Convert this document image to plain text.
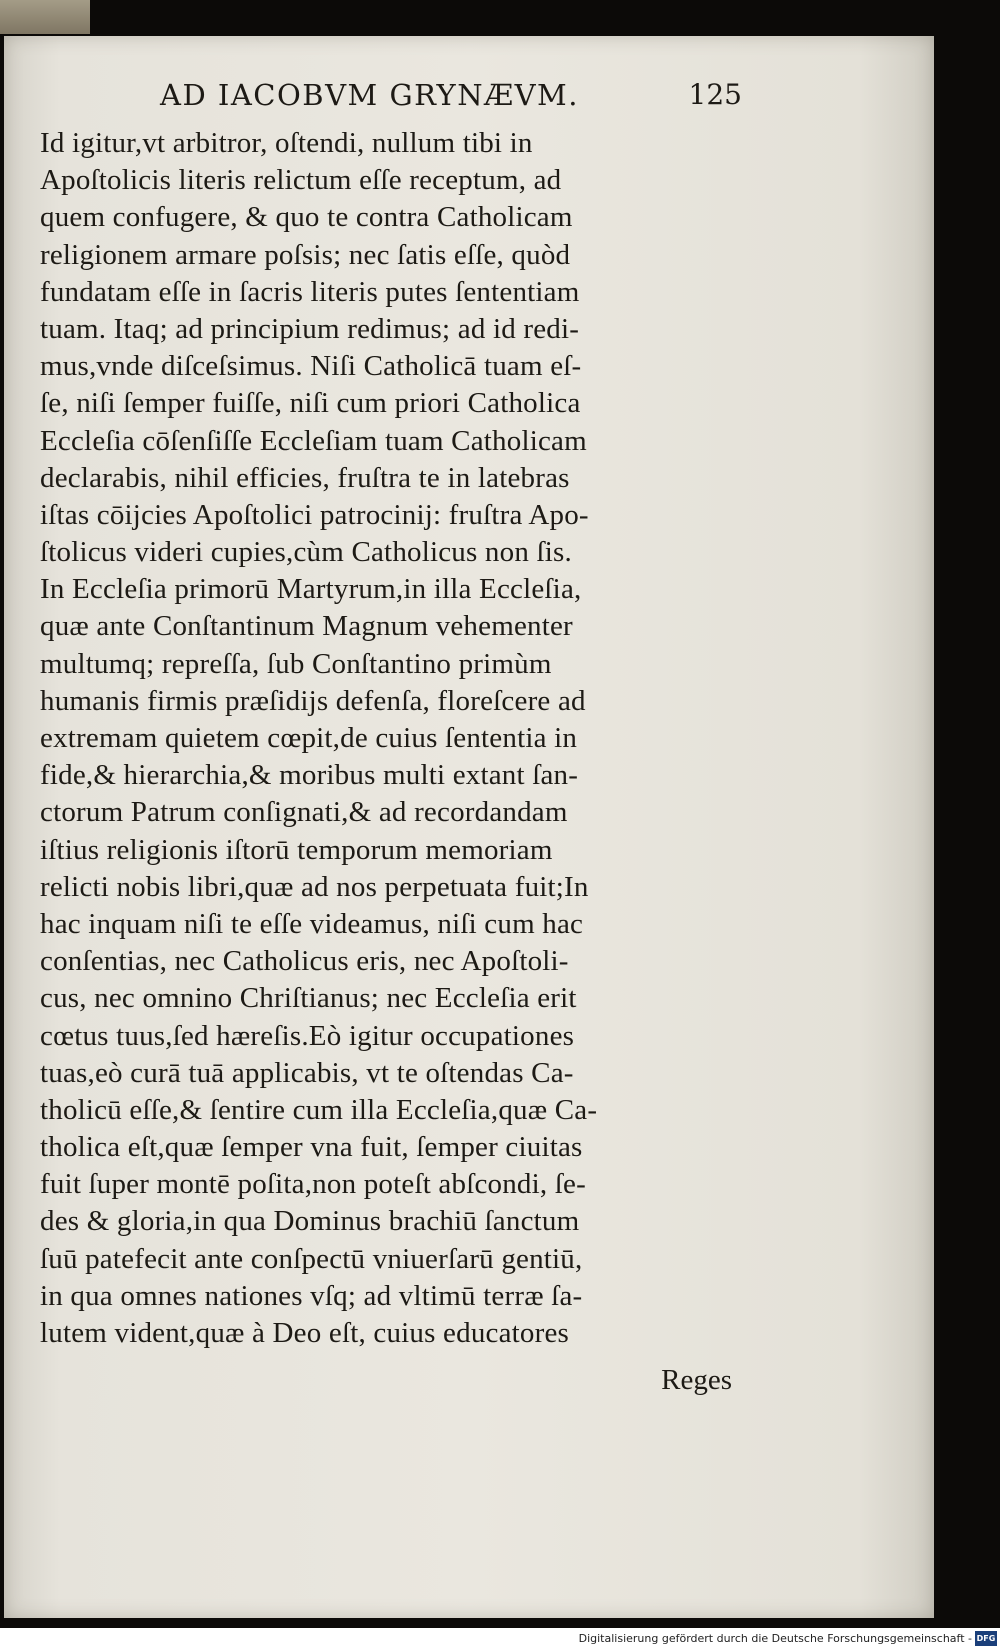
AD IACOBVM GRYNÆVM.	125
Id igitur,vt arbitror, oſtendi, nullum tibi in
Apoſtolicis literis relictum eſſe receptum, ad
quem confugere, & quo te contra Catholicam
religionem armare poſsis; nec ſatis eſſe, quòd
fundatam eſſe in ſacris literis putes ſententiam
tuam. Itaq; ad principium redimus; ad id redi-
mus,vnde diſceſsimus. Niſi Catholicā tuam eſ-
ſe, niſi ſemper fuiſſe, niſi cum priori Catholica
Eccleſia cōſenſiſſe Eccleſiam tuam Catholicam
declarabis, nihil efficies, fruſtra te in latebras
iſtas cōijcies Apoſtolici patrocinij: fruſtra Apo-
ſtolicus videri cupies,cùm Catholicus non ſis.
In Eccleſia primorū Martyrum,in illa Eccleſia,
quæ ante Conſtantinum Magnum vehementer
multumq; repreſſa, ſub Conſtantino primùm
humanis firmis præſidijs defenſa, floreſcere ad
extremam quietem cœpit,de cuius ſententia in
fide,& hierarchia,& moribus multi extant ſan-
ctorum Patrum conſignati,& ad recordandam
iſtius religionis iſtorū temporum memoriam
relicti nobis libri,quæ ad nos perpetuata fuit;In
hac inquam niſi te eſſe videamus, niſi cum hac
conſentias, nec Catholicus eris, nec Apoſtoli-
cus, nec omnino Chriſtianus; nec Eccleſia erit
cœtus tuus,ſed hæreſis.Eò igitur occupationes
tuas,eò curā tuā applicabis, vt te oſtendas Ca-
tholicū eſſe,& ſentire cum illa Eccleſia,quæ Ca-
tholica eſt,quæ ſemper vna fuit, ſemper ciuitas
fuit ſuper montē poſita,non poteſt abſcondi, ſe-
des & gloria,in qua Dominus brachiū ſanctum
ſuū patefecit ante conſpectū vniuerſarū gentiū,
in qua omnes nationes vſq; ad vltimū terræ ſa-
lutem vident,quæ à Deo eſt, cuius educatores
Reges
Digitalisierung gefördert durch die Deutsche Forschungsgemeinschaft - DFG
